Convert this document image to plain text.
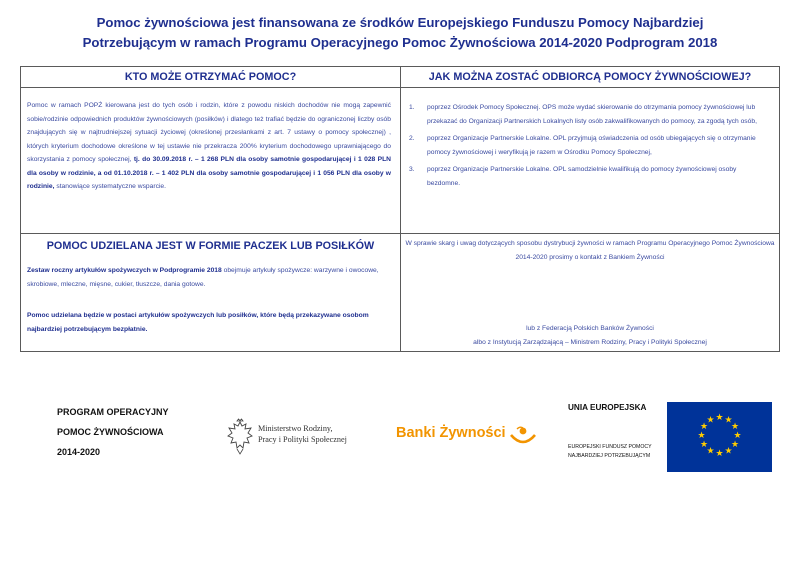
Pomoc żywnościowa jest finansowana ze środków Europejskiego Funduszu Pomocy Najbardziej
Potrzebującym w ramach Programu Operacyjnego Pomoc Żywnościowa 2014-2020 Podprogram 2018
KTO MOŻE OTRZYMAĆ POMOC?
Pomoc w ramach POPŻ kierowana jest do tych osób i rodzin, które z powodu niskich dochodów nie mogą zapewnić sobie/rodzinie odpowiednich produktów żywnościowych (posiłków) i dlatego też trafiać będzie do ograniczonej liczby osób znajdujących się w najtrudniejszej sytuacji życiowej (określonej przesłankami z art. 7 ustawy o pomocy społecznej) , których kryterium dochodowe określone w tej ustawie nie przekracza 200% kryterium dochodowego uprawniającego do skorzystania z pomocy społecznej, tj. do 30.09.2018 r. – 1 268 PLN dla osoby samotnie gospodarującej i 1 028 PLN dla osoby w rodzinie, a od 01.10.2018 r. – 1 402 PLN dla osoby samotnie gospodarującej i 1 056 PLN dla osoby w rodzinie, stanowiące systematyczne wsparcie.
JAK MOŻNA ZOSTAĆ ODBIORCĄ POMOCY ŻYWNOŚCIOWEJ?
1.	poprzez Ośrodek Pomocy Społecznej. OPS może wydać skierowanie do otrzymania pomocy żywnościowej lub przekazać do Organizacji Partnerskich Lokalnych listy osób zakwalifikowanych do pomocy, za zgodą tych osób,
2.	poprzez Organizacje Partnerskie Lokalne. OPL przyjmują oświadczenia od osób ubiegających się o otrzymanie pomocy żywnościowej i weryfikują je razem w Ośrodku Pomocy Społecznej,
3.	poprzez Organizacje Partnerskie Lokalne. OPL samodzielnie kwalifikują do pomocy żywnościowej osoby bezdomne.
POMOC UDZIELANA JEST W FORMIE PACZEK LUB POSIŁKÓW
Zestaw roczny artykułów spożywczych w Podprogramie 2018 obejmuje artykuły spożywcze: warzywne i owocowe, skrobiowe, mleczne, mięsne, cukier, tłuszcze, dania gotowe.
Pomoc udzielana będzie w postaci artykułów spożywczych lub posiłków, które będą przekazywane osobom najbardziej potrzebującym bezpłatnie.
W sprawie skarg i uwag dotyczących sposobu dystrybucji żywności w ramach Programu Operacyjnego Pomoc Żywnościowa 2014-2020 prosimy o kontakt z Bankiem Żywności
lub z Federacją Polskich Banków Żywności
albo z Instytucją Zarządzającą – Ministrem Rodziny, Pracy i Polityki Społecznej
PROGRAM OPERACYJNY
POMOC ŻYWNOŚCIOWA
2014-2020
Ministerstwo Rodziny,
Pracy i Polityki Społecznej	Banki Żywności
UNIA EUROPEJSKA
EUROPEJSKI FUNDUSZ POMOCY
NAJBARDZIEJ POTRZEBUJĄCYM
★ ★
★
★
★
★
★
★
★
★
★
★
